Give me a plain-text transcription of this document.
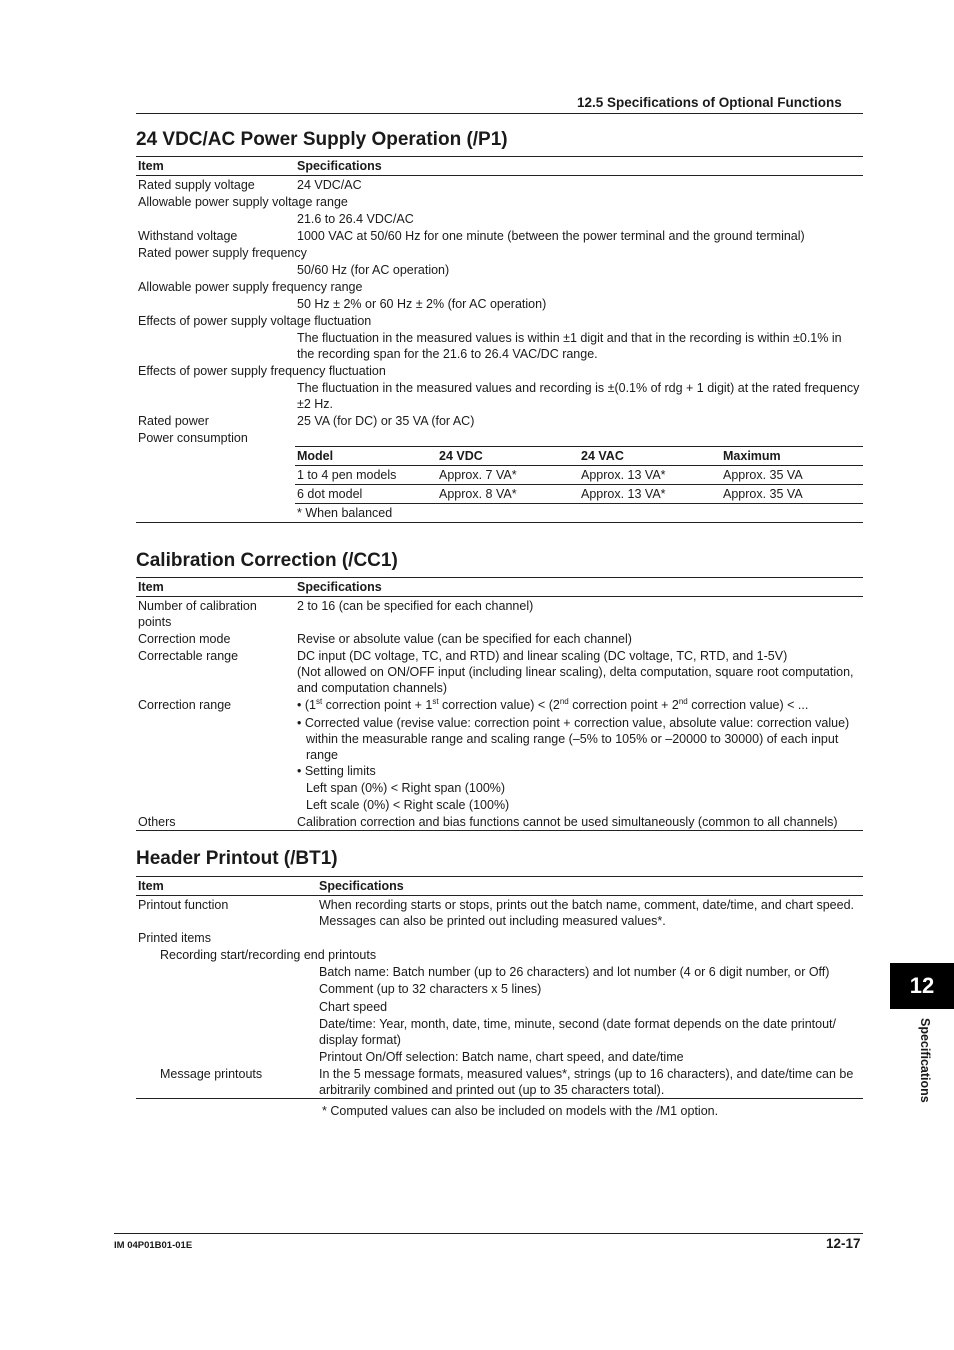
12.5 Specifications of Optional Functions
24 VDC/AC Power Supply Operation (/P1)
Item	Specifications
Rated supply voltage	24 VDC/AC
Allowable power supply voltage range
	21.6 to 26.4 VDC/AC
Withstand voltage	1000 VAC at 50/60 Hz for one minute (between the power terminal and the ground terminal)
Rated power supply frequency
	50/60 Hz (for AC operation)
Allowable power supply frequency range
	50 Hz ± 2% or 60 Hz ± 2% (for AC operation)
Effects of power supply voltage fluctuation
	The fluctuation in the measured values is within ±1 digit and that in the recording is within ±0.1% in the recording span for the 21.6 to 26.4 VAC/DC range.
Effects of power supply frequency fluctuation
	The fluctuation in the measured values and recording is ±(0.1% of rdg + 1 digit) at the rated frequency ±2 Hz.
Rated power	25 VA (for DC) or 35 VA (for AC)
Power consumption

Model	24 VDC	24 VAC	Maximum
1 to 4 pen models	Approx. 7 VA*	Approx. 13 VA*	Approx. 35 VA
6 dot model	Approx. 8 VA*	Approx. 13 VA*	Approx. 35 VA
* When balanced
Calibration Correction (/CC1)
Item	Specifications
Number of calibration points	2 to 16 (can be specified for each channel)
Correction mode	Revise or absolute value (can be specified for each channel)
Correctable range	DC input (DC voltage, TC, and RTD) and linear scaling (DC voltage, TC, RTD, and 1-5V)
(Not allowed on ON/OFF input (including linear scaling), delta computation, square root computation, and computation channels)

Correction range	• (1st correction point + 1st correction value) < (2nd correction point + 2nd correction value) < ...
• Corrected value (revise value: correction point + correction value, absolute value: correction value) within the measurable range and scaling range (–5% to 105% or –20000 to 30000) of each input range
• Setting limits
Left span (0%) < Right span (100%)
Left scale (0%) < Right scale (100%)

Others	Calibration correction and bias functions cannot be used simultaneously (common to all channels)
Header Printout (/BT1)
Item	Specifications
Printout function	When recording starts or stops, prints out the batch name, comment, date/time, and chart speed. Messages can also be printed out including measured values*.
Printed items	
Recording start/recording end printouts	

	Batch name: Batch number (up to 26 characters) and lot number (4 or 6 digit number, or Off)
Comment (up to 32 characters x 5 lines)
Chart speed
Date/time: Year, month, date, time, minute, second (date format depends on the date printout/ display format)
Printout On/Off selection: Batch name, chart speed, and date/time

Message printouts	In the 5 message formats, measured values*, strings (up to 16 characters), and date/time can be arbitrarily combined and printed out (up to 35 characters total).
* Computed values can also be included on models with the /M1 option.
12
Specifications
IM 04P01B01-01E	12-17
